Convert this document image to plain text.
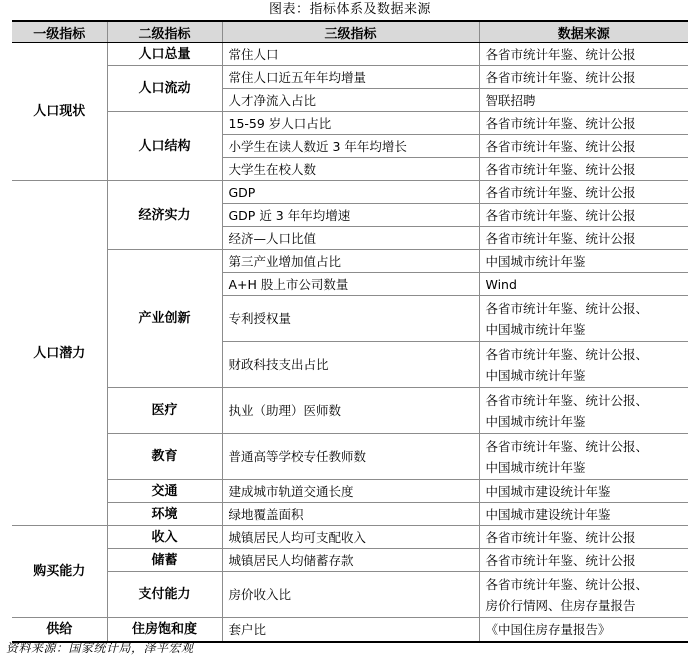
图表：指标体系及数据来源
一级指标	二级指标	三级指标	数据来源
人口现状	人口总量	常住人口	各省市统计年鉴、统计公报
	人口流动	常住人口近五年年均增量	各省市统计年鉴、统计公报
		人才净流入占比	智联招聘
	人口结构	15-59 岁人口占比	各省市统计年鉴、统计公报
		小学生在读人数近 3 年年均增长	各省市统计年鉴、统计公报
		大学生在校人数	各省市统计年鉴、统计公报
人口潜力	经济实力	GDP	各省市统计年鉴、统计公报
		GDP 近 3 年年均增速	各省市统计年鉴、统计公报
		经济—人口比值	各省市统计年鉴、统计公报
	产业创新	第三产业增加值占比	中国城市统计年鉴
		A+H 股上市公司数量	Wind
		专利授权量	各省市统计年鉴、统计公报、
中国城市统计年鉴

		财政科技支出占比	各省市统计年鉴、统计公报、
中国城市统计年鉴

	医疗	执业（助理）医师数	各省市统计年鉴、统计公报、
中国城市统计年鉴

	教育	普通高等学校专任教师数	各省市统计年鉴、统计公报、
中国城市统计年鉴

	交通	建成城市轨道交通长度	中国城市建设统计年鉴
	环境	绿地覆盖面积	中国城市建设统计年鉴
购买能力	收入	城镇居民人均可支配收入	各省市统计年鉴、统计公报
	储蓄	城镇居民人均储蓄存款	各省市统计年鉴、统计公报
	支付能力	房价收入比	各省市统计年鉴、统计公报、
房价行情网、住房存量报告

供给	住房饱和度	套户比	《中国住房存量报告》
资料来源：国家统计局，泽平宏观
